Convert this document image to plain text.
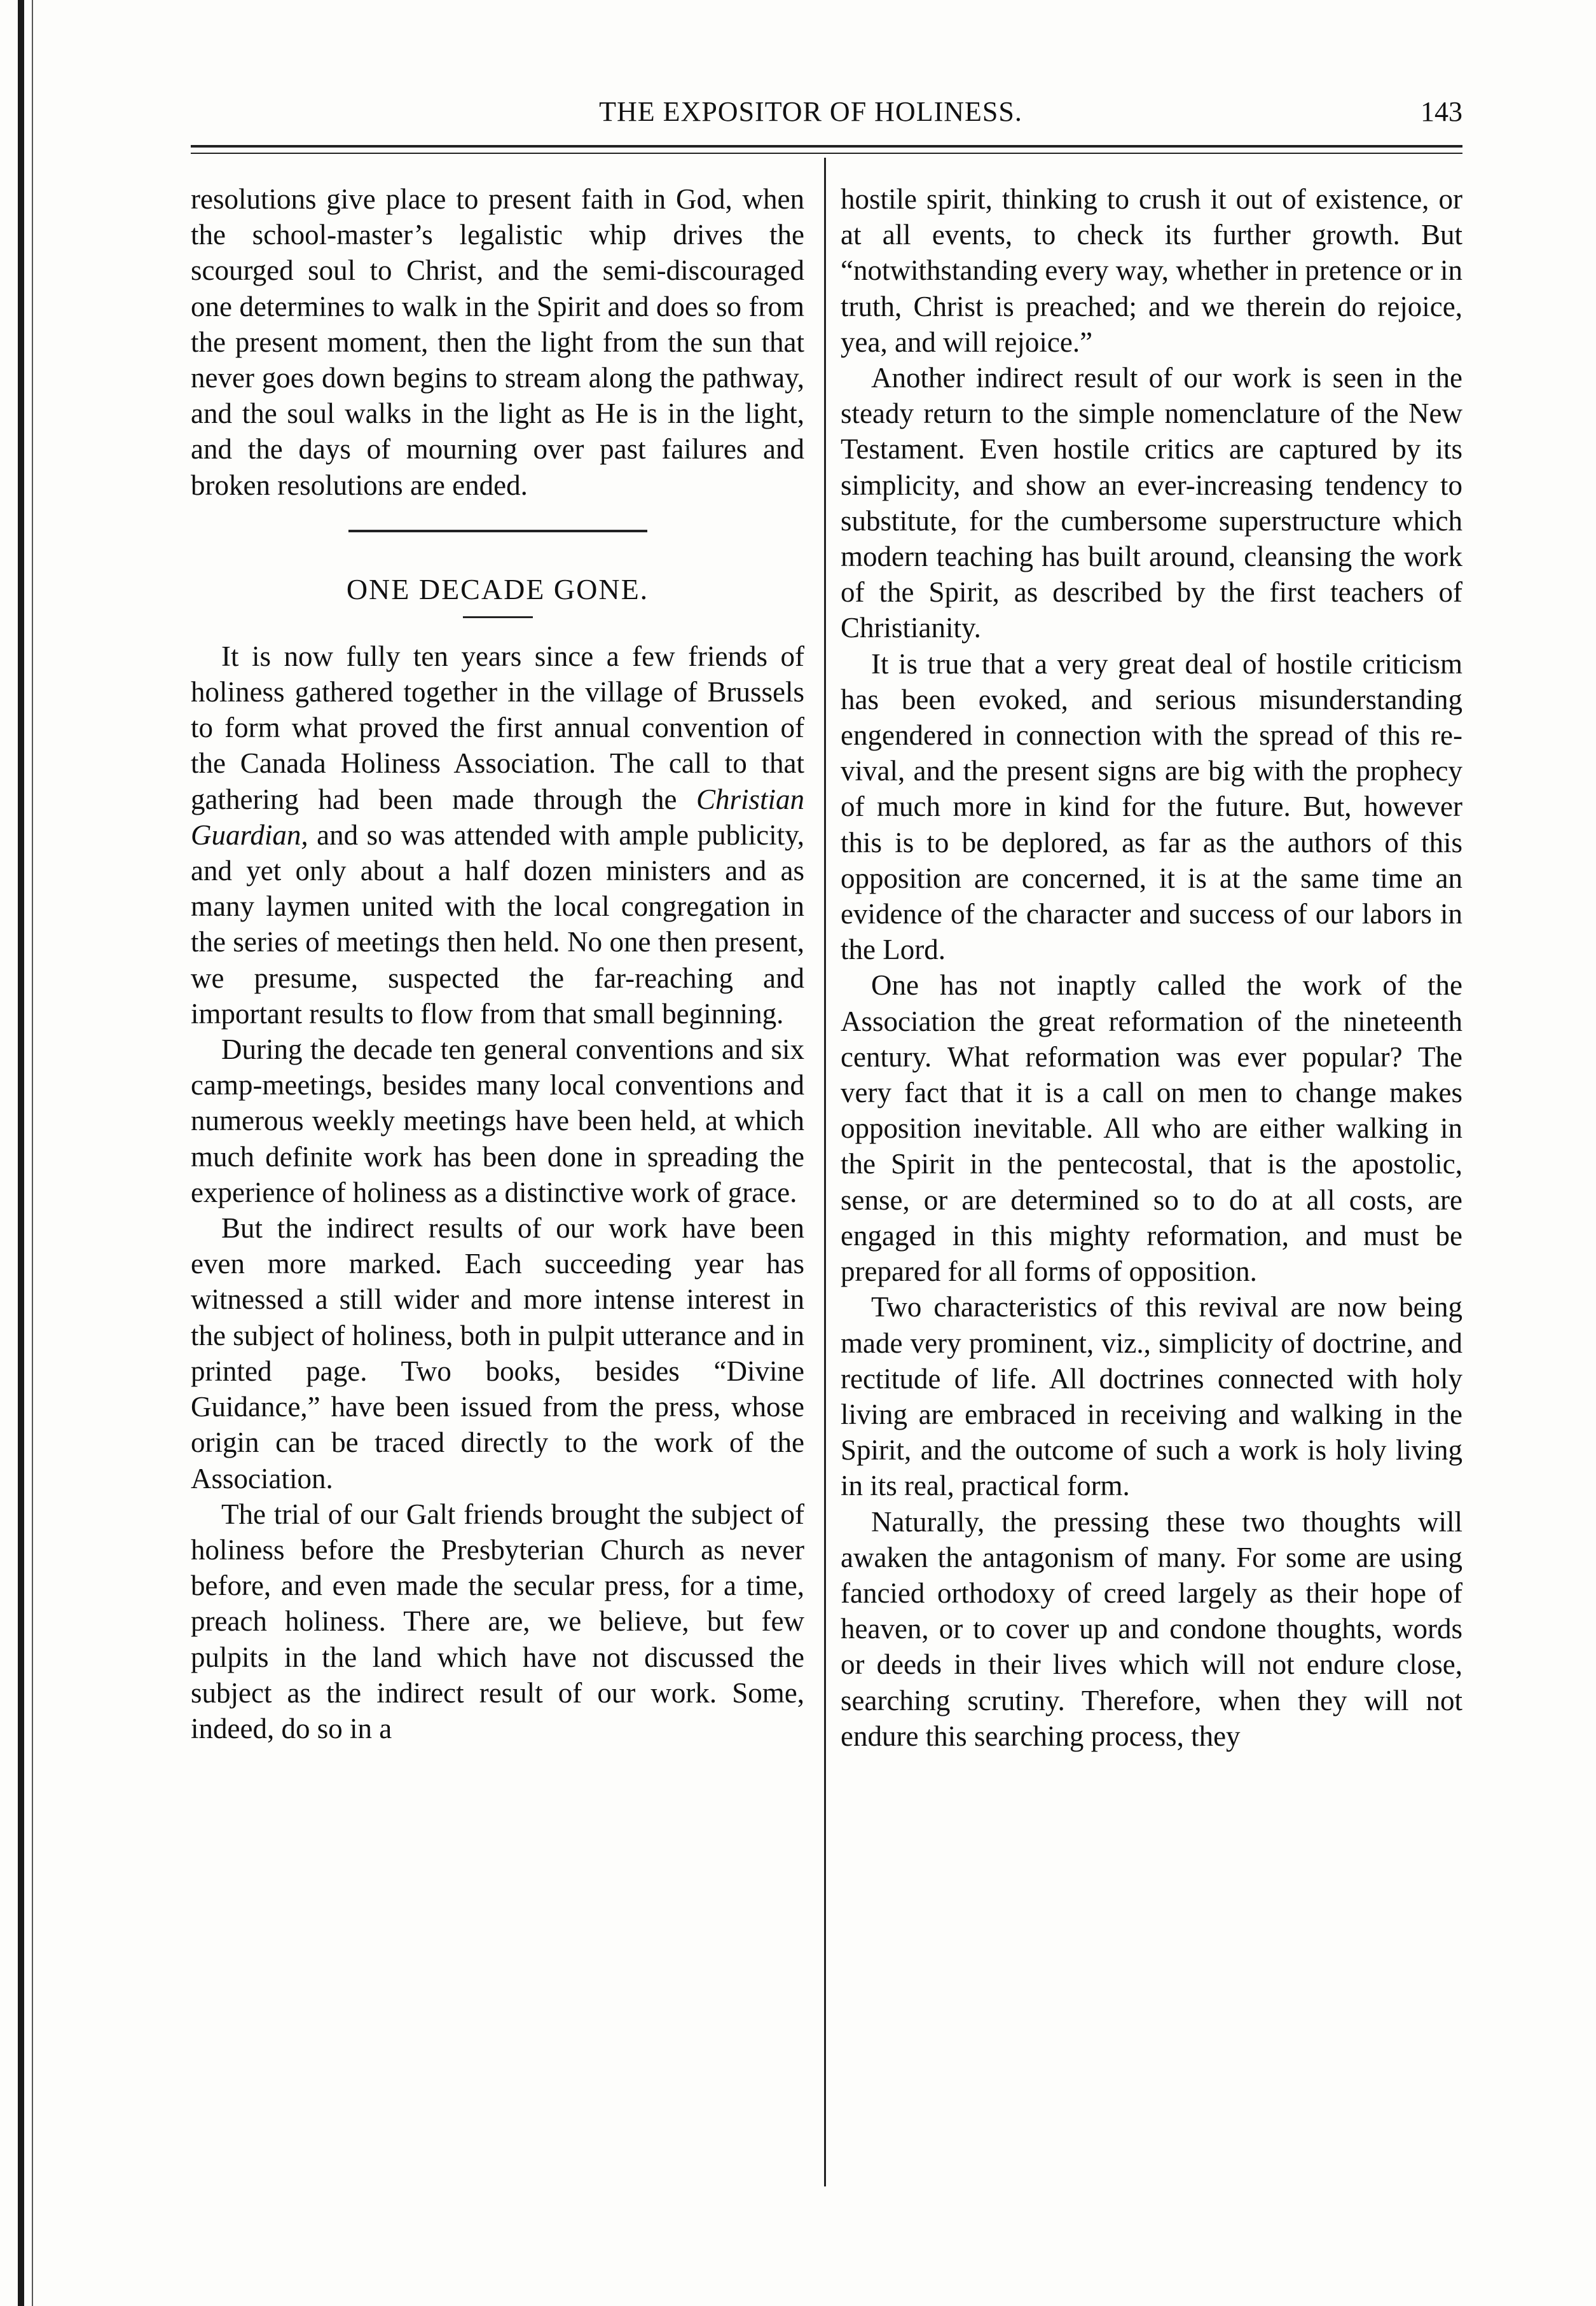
THE EXPOSITOR OF HOLINESS.	143

resolutions give place to present faith in God, when the school-master’s legalistic whip drives the scourged soul to Christ, and the semi-discouraged one determines to walk in the Spirit and does so from the present moment, then the light from the sun that never goes down begins to stream along the pathway, and the soul walks in the light as He is in the light, and the days of mourning over past failures and broken resolutions are ended.

ONE DECADE GONE.

It is now fully ten years since a few friends of holiness gathered together in the village of Brussels to form what proved the first annual convention of the Canada Holiness Association. The call to that gathering had been made through the Christian Guardian, and so was attended with ample publicity, and yet only about a half dozen ministers and as many laymen united with the local congregation in the series of meetings then held. No one then present, we presume, suspected the far-reaching and important results to flow from that small beginning.

During the decade ten general conventions and six camp-meetings, besides many local conventions and numerous weekly meetings have been held, at which much definite work has been done in spreading the experience of holiness as a distinctive work of grace.

But the indirect results of our work have been even more marked. Each succeeding year has witnessed a still wider and more intense interest in the subject of holiness, both in pulpit utterance and in printed page. Two books, besides “Divine Guidance,” have been issued from the press, whose origin can be traced directly to the work of the Association.

The trial of our Galt friends brought the subject of holiness before the Presbyterian Church as never before, and even made the secular press, for a time, preach holiness. There are, we believe, but few pulpits in the land which have not discussed the subject as the indirect result of our work. Some, indeed, do so in a

hostile spirit, thinking to crush it out of existence, or at all events, to check its further growth. But “notwithstanding every way, whether in pretence or in truth, Christ is preached; and we therein do rejoice, yea, and will rejoice.”

Another indirect result of our work is seen in the steady return to the simple nomenclature of the New Testament. Even hostile critics are captured by its simplicity, and show an ever-increasing tendency to substitute, for the cumbersome superstructure which modern teaching has built around, cleansing the work of the Spirit, as described by the first teachers of Christianity.

It is true that a very great deal of hostile criticism has been evoked, and serious misunderstanding engendered in connection with the spread of this revival, and the present signs are big with the prophecy of much more in kind for the future. But, however this is to be deplored, as far as the authors of this opposition are concerned, it is at the same time an evidence of the character and success of our labors in the Lord.

One has not inaptly called the work of the Association the great reformation of the nineteenth century. What reformation was ever popular? The very fact that it is a call on men to change makes opposition inevitable. All who are either walking in the Spirit in the pentecostal, that is the apostolic, sense, or are determined so to do at all costs, are engaged in this mighty reformation, and must be prepared for all forms of opposition.

Two characteristics of this revival are now being made very prominent, viz., simplicity of doctrine, and rectitude of life. All doctrines connected with holy living are embraced in receiving and walking in the Spirit, and the outcome of such a work is holy living in its real, practical form.

Naturally, the pressing these two thoughts will awaken the antagonism of many. For some are using fancied orthodoxy of creed largely as their hope of heaven, or to cover up and condone thoughts, words or deeds in their lives which will not endure close, searching scrutiny. Therefore, when they will not endure this searching process, they
